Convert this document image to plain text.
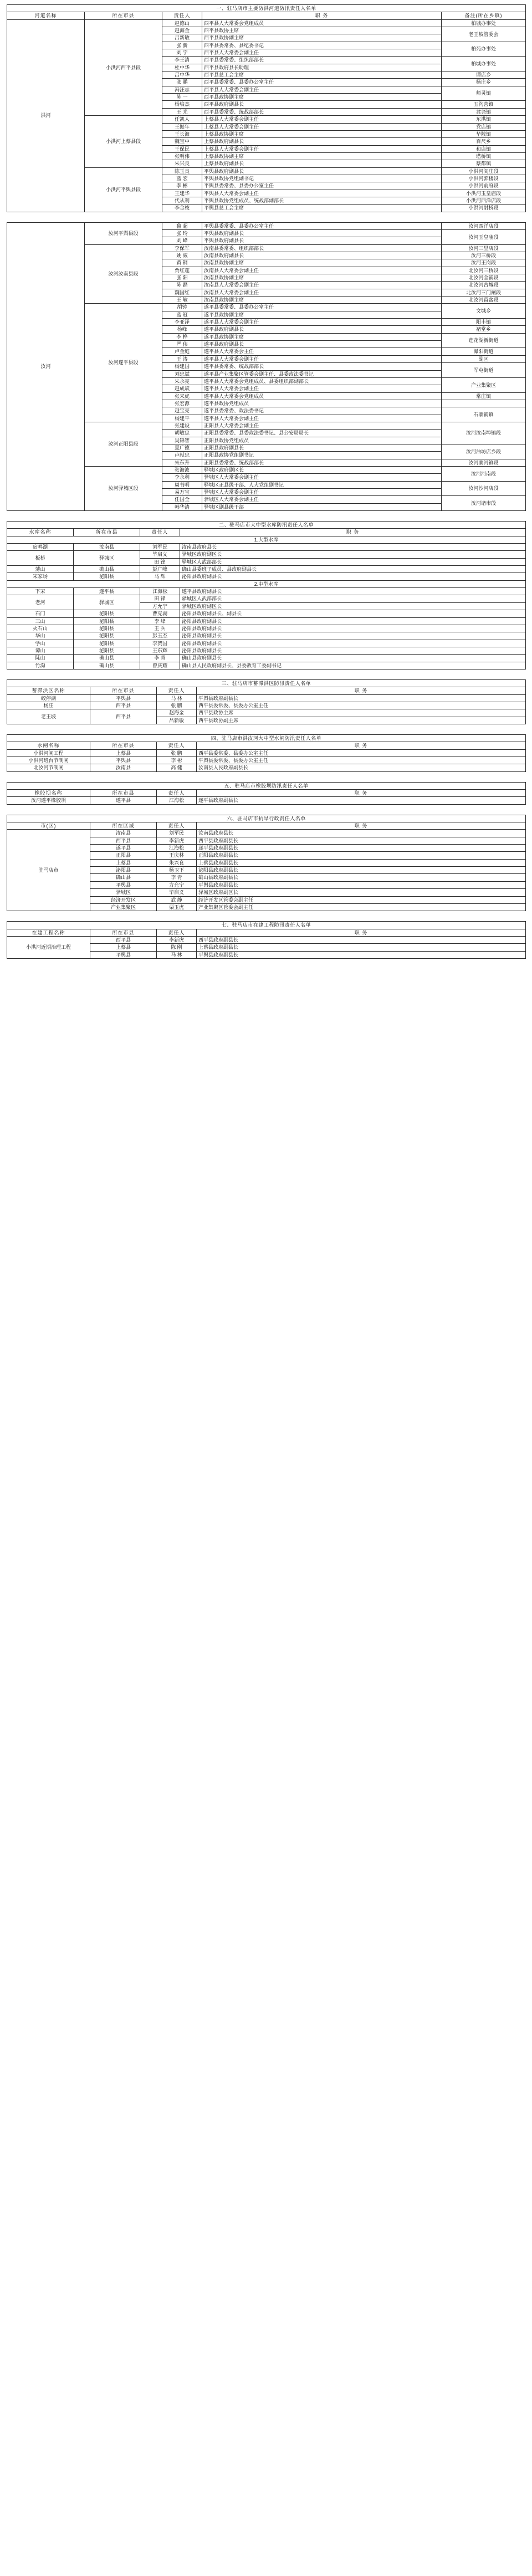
一、驻马店市主要防洪河道防汛责任人名单				
河道名称	所在市县	责任人	职 务	备注(所在乡镇)
洪河	小洪河西平县段	赵德山	西平县人大常委会党组成员	柏城办事处
		赵海金	西平县政协主席	老王坡管委会
		吕新敏	西平县政协副主席	
		张 新	西平县委常委、县纪委书记	柏苑办事处
		刘 宇	西平县人大常委会副主任	
		李王清	西平县委常委、组织部部长	柏城办事处
		杜中华	西平县政府县长助理	
		吕中华	西平县总工会主席	谭店乡
		张 鹏	西平县委常委、县委办公室主任	杨庄乡
		冯汪志	西平县人大常委会副主任	师灵镇
		陈 一	西平县政协副主席	
		杨培杰	西平县政府副县长	五沟营镇
		王 光	西平县委常委、统战部部长	盆尧镇
	小洪河上蔡县段	任凯人	上蔡县人大常委会副主任	东洪镇
		王振年	上蔡县人大常委会副主任	党店镇
		王长海	上蔡县政协副主席	华陂镇
		魏宝中	上蔡县政府副县长	百尺乡
		王保民	上蔡县人大常委会副主任	和店镇
		张明伟	上蔡县政协副主席	塔桥镇
		朱兴良	上蔡县政府副县长	蔡都镇
	小洪河平舆县段	陈玉良	平舆县政府副县长	小洪河阎庄段
		蓝 宏	平舆县政协党组副书记	小洪河郭楼段
		李 彬	平舆县委常委、县委办公室主任	小洪河前府段
		王建华	平舆县人大常委会副主任	小洪河玉皇庙段
		代从利	平舆县政协党组成员、统战部副部长	小洪河西洋店段
		李金枝	平舆县总工会主席	小洪河射桥段
汝河	汝河平舆县段	鲁 超	平舆县委常委、县委办公室主任	汝河西洋店段
		张 玲	平舆县政府副县长	汝河玉皇庙段
		刘 峰	平舆县政府副县长	
	汝河汝南县段	李保军	汝南县委常委、组织部部长	汝河三里店段
		姚 威	汝南县政府副县长	汝河三桥段
		黄 钢	汝南县政协副主席	汝河王岗段
		贾红莲	汝南县人大常委会副主任	北汝河三桥段
		张 阳	汝南县政协副主席	北汝河金铺段
		陈 磊	汝南县人大常委会副主任	北汝河古城段
		魏国红	汝南县人大常委会副主任	北汝河三门闸段
		王 敏	汝南县政协副主席	北汝河留盆段
	汝河遂平县段	胡铸	遂平县委常委、县委办公室主任	文城乡
		蓝 冠	遂平县政协副主席	
		李亚泽	遂平县人大常委会副主任	阳丰镇
		杨峰	遂平县政府副县长	褚堂乡
		李 桦	遂平县政协副主席	莲花湖新街道
		严 伟	遂平县政府副县长	
		卢金庭	遂平县人大常委会主任	瀑阳街道
		王 涛	遂平县人大常委会副主任	副区
		杨建国	遂平县委常委、统战部部长	军屯街道
		刘忠斌	遂平县产业集聚区管委会副主任、县委政法委书记	
		朱永亮	遂平县人大常委会党组成员、县委组织部副部长	产业集聚区
		赵成斌	遂平县人大常委会副主任	
		张来虎	遂平县人大常委会党组成员	常庄镇
		张宏源	遂平县政协党组成员	
		赵宝亮	遂平县委常委、政法委书记	石寨铺镇
		杨建平	遂平县人大常委会副主任	
	汝河正阳县段	张建设	正阳县人大常委会副主任	汝河汝南埠镇段
		胡敏忠	正阳县委常委、县委政法委书记、县公安局局长	
		吴锦智	正阳县政协党组成员	
		夏广德	正阳县政府副县长	汝河油坊店乡段
		卢献忠	正阳县政协党组副书记	
		朱东升	正阳县委常委、统战部部长	汝河寨河镇段
	汝河驿城区段	张海波	驿城区政府副区长	汝河河南段
		李永利	驿城区人大常委会副主任	
		周书明	驿城区正县级干部、人大党组副书记	汝河沙河店段
		易万宝	驿城区人大常委会副主任	
		任国全	驿城区人大常委会副主任	汝河诸市段
		韩华清	驿城区副县级干部	
二、驻马店市大中型水库防汛责任人名单			
水库名称	所在市县	责任人	职 务
1.大型水库			
宿鸭湖	汝南县	刘军民	汝南县政府县长
板桥	驿城区	毕启义	驿城区政府副区长
		田 锋	驿城区人武部部长
薄山	确山县	彭广峰	确山县委班子成员、县政府副县长
宋家场	泌阳县	马 辉	泌阳县政府副县长
2.中型水库			
下宋	遂平县	江海松	遂平县政府副县长
老河	驿城区	田 锋	驿城区人武部部长
		方允宁	驿城区政府副区长
石门	泌阳县	曹克湖	泌阳县政府副县长、副县长
三山	泌阳县	李 峰	泌阳县政府副县长
火石山	泌阳县	王 兵	泌阳县政府副县长
华山	泌阳县	彭玉杰	泌阳县政府副县长
学山	泌阳县	李贺国	泌阳县政府副县长
谭山	泌阳县	王东辉	泌阳县政府副县长
陡山	确山县	李 青	确山县政府副县长
竹沟	确山县	曾庆耀	确山县人民政府副县长、县委教育工委副书记
三、驻马店市蓄滞洪区防汛责任人名单			
蓄滞洪区名称	所在市县	责任人	职 务
蛟停湖	平舆县	马 林	平舆县政府副县长
杨庄	西平县	张 鹏	西平县委常委、县委办公室主任
老王坡	西平县	赵海金	西平县政协主席
		吕新敏	西平县政协副主席
四、驻马店市洪汝河大中型水闸防汛责任人名单			
水闸名称	所在市县	责任人	职 务
小洪河闸工程	上蔡县	张 鹏	西平县委常委、县委办公室主任
小洪河班台节制闸	平舆县	李 彬	平舆县委常委、县委办公室主任
北汝河节制闸	汝南县	高 健	汝南县人民政府副县长
五、驻马店市橡胶坝防汛责任人名单			
橡胶坝名称	所在市县	责任人	职 务
汝河遂平橡胶坝	遂平县	江海松	遂平县政府副县长
六、驻马店市抗旱行政责任人名单			
市(区)	所在区域	责任人	职 务
驻马店市	汝南县	刘军民	汝南县政府县长
	西平县	李新虎	西平县政府副县长
	遂平县	江海松	遂平县政府副县长
	正阳县	王庆林	正阳县政府副县长
	上蔡县	朱兴良	上蔡县政府副县长
	泌阳县	杨卫下	泌阳县政府副县长
	确山县	李 青	确山县政府副县长
	平舆县	方允宁	平舆县政府副县长
	驿城区	毕启义	驿城区政府副区长
	经济开发区	武 静	经济开发区管委会副主任
	产业集聚区	栗玉虎	产业集聚区管委会副主任
七、驻马店市在建工程防汛责任人名单			
在建工程名称	所在市县	责任人	职 务
小洪河近期治理工程	西平县	李新虎	西平县政府副县长
	上蔡县	陈 刚	上蔡县政府副县长
	平舆县	马 林	平舆县政府副县长
